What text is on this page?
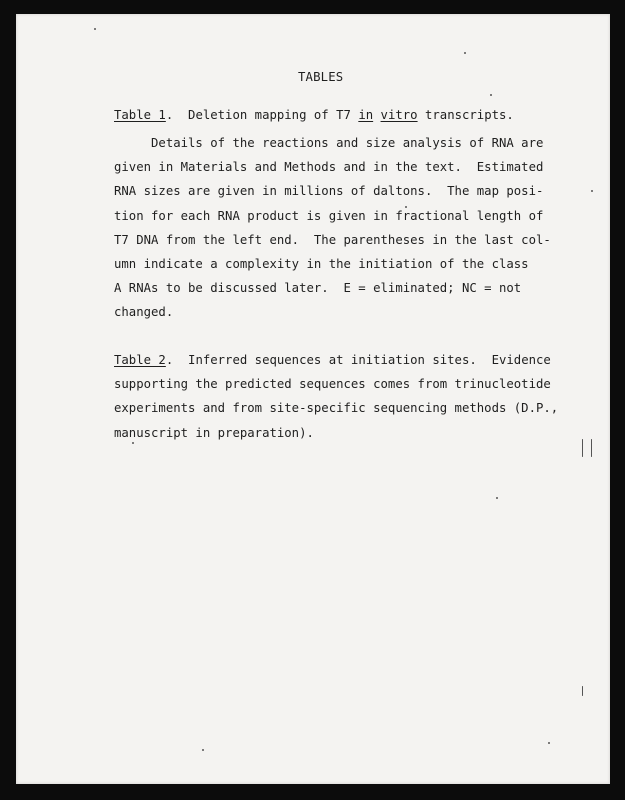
TABLES
Table 1.  Deletion mapping of T7 in vitro transcripts.
Details of the reactions and size analysis of RNA are
given in Materials and Methods and in the text.  Estimated
RNA sizes are given in millions of daltons.  The map posi-
tion for each RNA product is given in fractional length of
T7 DNA from the left end.  The parentheses in the last col-
umn indicate a complexity in the initiation of the class
A RNAs to be discussed later.  E = eliminated; NC = not
changed.
Table 2.  Inferred sequences at initiation sites.  Evidence
supporting the predicted sequences comes from trinucleotide
experiments and from site-specific sequencing methods (D.P.,
manuscript in preparation).
